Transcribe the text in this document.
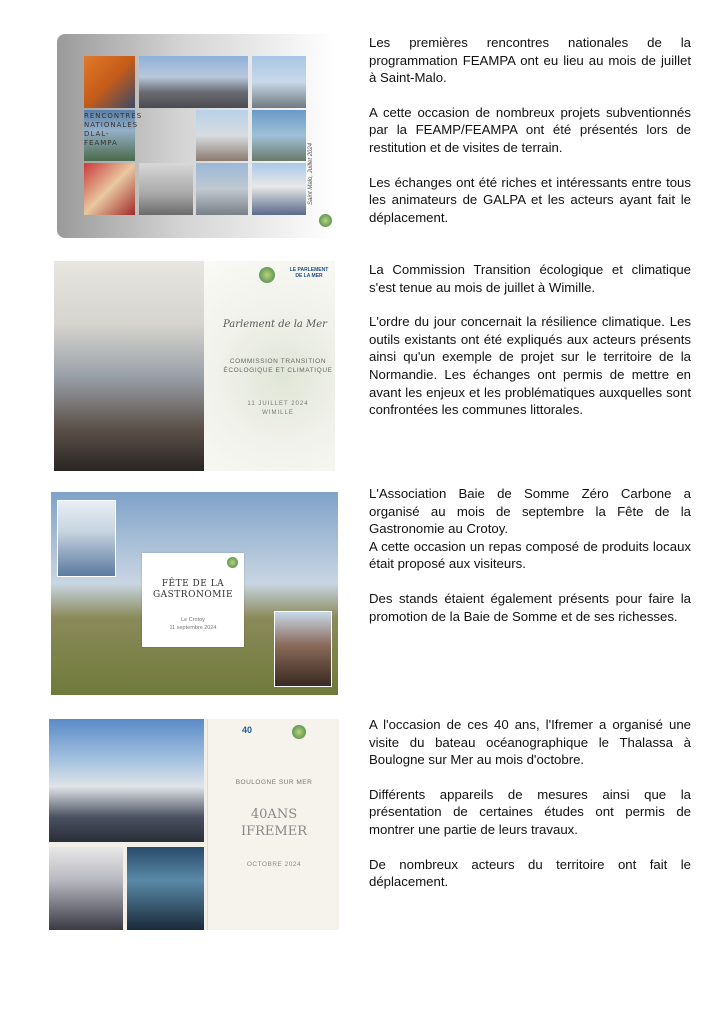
RENCONTRES NATIONALES DLAL-FEAMPA	Saint Malo, Juillet 2024

Les premières rencontres nationales de la programmation FEAMPA ont eu lieu au mois de juillet à Saint-Malo.

A cette occasion de nombreux projets subventionnés par la FEAMP/FEAMPA ont été présentés lors de restitution et de visites de terrain.

Les échanges ont été riches et intéressants entre tous les animateurs de GALPA et les acteurs ayant fait le déplacement.

LE PARLEMENT DE LA MER
Parlement de la Mer
COMMISSION TRANSITION ÉCOLOGIQUE ET CLIMATIQUE
11 JUILLET 2024
WIMILLE

La Commission Transition écologique et climatique s'est tenue au mois de juillet à Wimille.

L'ordre du jour concernait la résilience climatique. Les outils existants ont été expliqués aux acteurs présents ainsi qu'un exemple de projet sur le territoire de la Normandie. Les échanges ont permis de mettre en avant les enjeux et les problématiques auxquelles sont confrontées les communes littorales.

FÊTE DE LA GASTRONOMIE
Le Crotoy
11 septembre 2024

L'Association Baie de Somme Zéro Carbone a organisé au mois de septembre la Fête de la Gastronomie au Crotoy.
A cette occasion un repas composé de produits locaux était proposé aux visiteurs.

Des stands étaient également présents pour faire la promotion de la Baie de Somme et de ses richesses.

40
BOULOGNE SUR MER
40ANS
IFREMER
OCTOBRE 2024

A l'occasion de ces 40 ans, l'Ifremer a organisé une visite du bateau océanographique le Thalassa à Boulogne sur Mer au mois d'octobre.

Différents appareils de mesures ainsi que la présentation de certaines études ont permis de montrer une partie de leurs travaux.

De nombreux acteurs du territoire ont fait le déplacement.
